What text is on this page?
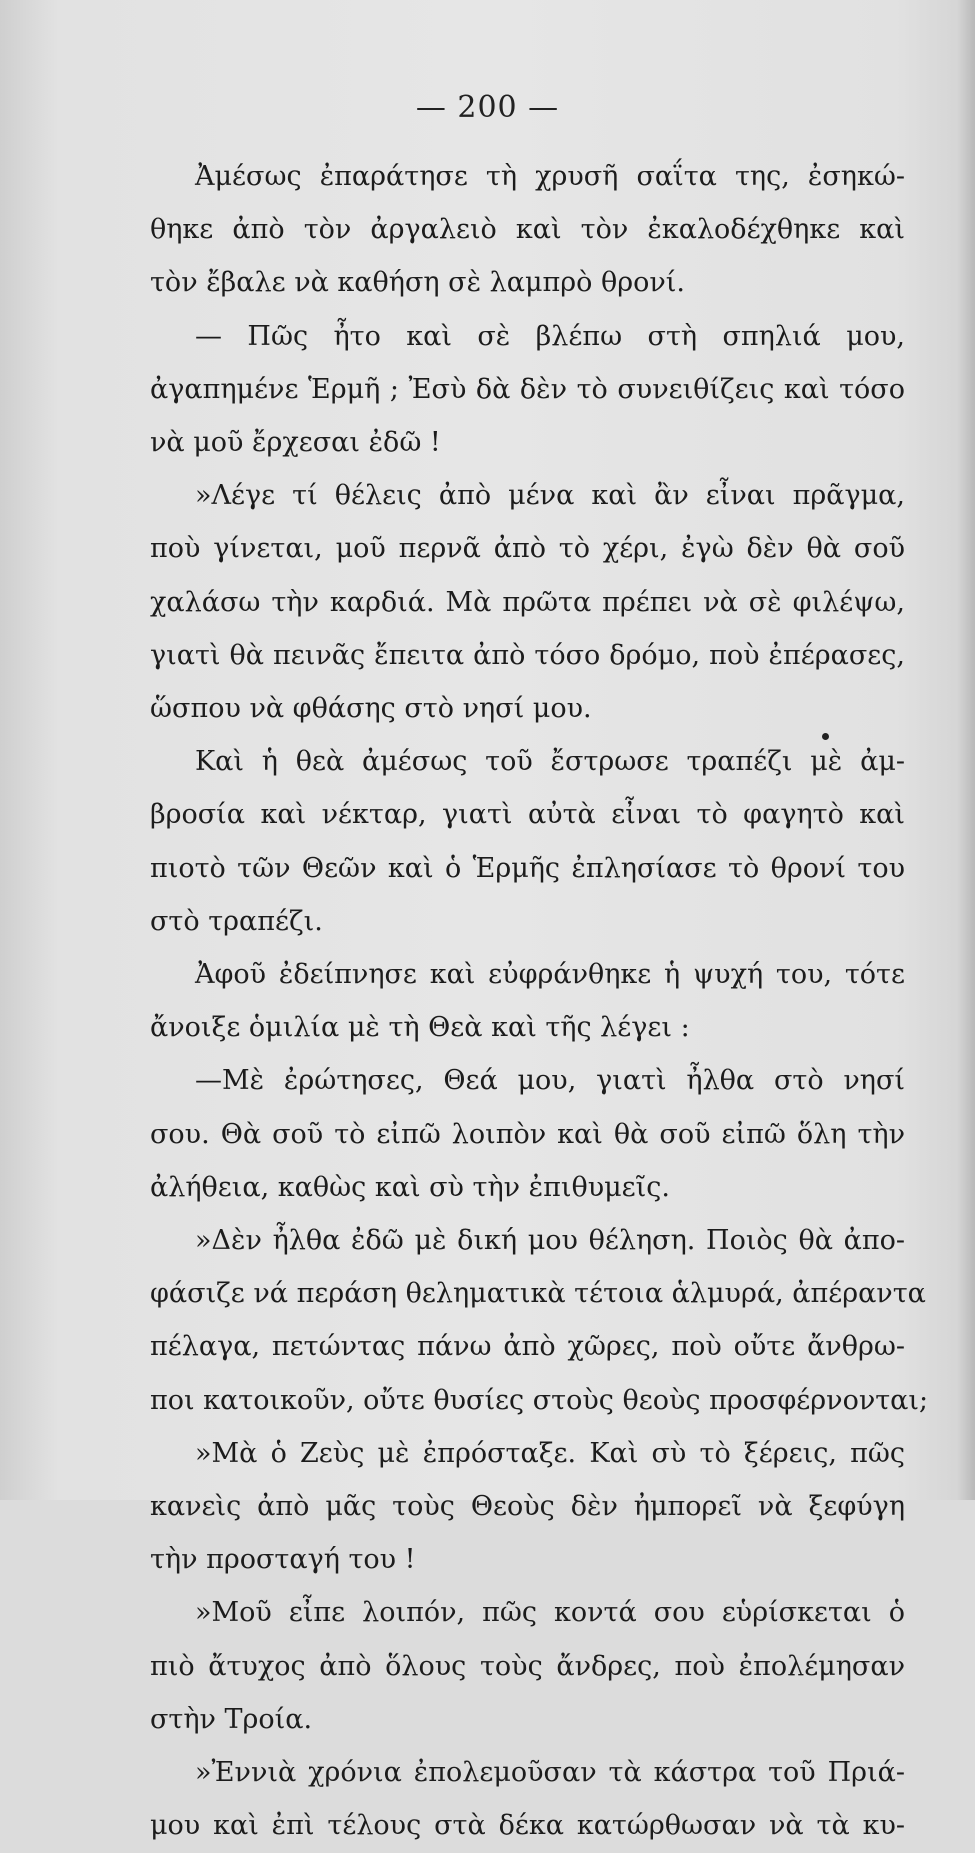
— 200 —
Ἀμέσως ἐπαράτησε τὴ χρυσῆ σαΐτα της, ἐσηκώ-
θηκε ἀπὸ τὸν ἀργαλειὸ καὶ τὸν ἐκαλοδέχθηκε καὶ
τὸν ἔβαλε νὰ καθήση σὲ λαμπρὸ θρονί.
— Πῶς ἦτο καὶ σὲ βλέπω στὴ σπηλιά μου,
ἀγαπημένε Ἑρμῆ ; Ἐσὺ δὰ δὲν τὸ συνειθίζεις καὶ τόσο
νὰ μοῦ ἔρχεσαι ἐδῶ !
»Λέγε τί θέλεις ἀπὸ μένα καὶ ἂν εἶναι πρᾶγμα,
ποὺ γίνεται, μοῦ περνᾶ ἀπὸ τὸ χέρι, ἐγὼ δὲν θὰ σοῦ
χαλάσω τὴν καρδιά. Μὰ πρῶτα πρέπει νὰ σὲ φιλέψω,
γιατὶ θὰ πεινᾶς ἔπειτα ἀπὸ τόσο δρόμο, ποὺ ἐπέρασες,
ὥσπου νὰ φθάσης στὸ νησί μου.
Καὶ ἡ θεὰ ἀμέσως τοῦ ἔστρωσε τραπέζι μὲ ἀμ-
βροσία καὶ νέκταρ, γιατὶ αὐτὰ εἶναι τὸ φαγητὸ καὶ
πιοτὸ τῶν Θεῶν καὶ ὁ Ἑρμῆς ἐπλησίασε τὸ θρονί του
στὸ τραπέζι.
Ἀφοῦ ἐδείπνησε καὶ εὐφράνθηκε ἡ ψυχή του, τότε
ἄνοιξε ὁμιλία μὲ τὴ Θεὰ καὶ τῆς λέγει :
—Μὲ ἐρώτησες, Θεά μου, γιατὶ ἦλθα στὸ νησί
σου. Θὰ σοῦ τὸ εἰπῶ λοιπὸν καὶ θὰ σοῦ εἰπῶ ὅλη τὴν
ἀλήθεια, καθὼς καὶ σὺ τὴν ἐπιθυμεῖς.
»Δὲν ἦλθα ἐδῶ μὲ δική μου θέληση. Ποιὸς θὰ ἀπο-
φάσιζε νά περάση θεληματικὰ τέτοια ἁλμυρά, ἀπέραντα
πέλαγα, πετώντας πάνω ἀπὸ χῶρες, ποὺ οὔτε ἄνθρω-
ποι κατοικοῦν, οὔτε θυσίες στοὺς θεοὺς προσφέρνονται;
»Μὰ ὁ Ζεὺς μὲ ἐπρόσταξε. Καὶ σὺ τὸ ξέρεις, πῶς
κανεὶς ἀπὸ μᾶς τοὺς Θεοὺς δὲν ἠμπορεῖ νὰ ξεφύγη
τὴν προσταγή του !
»Μοῦ εἶπε λοιπόν, πῶς κοντά σου εὑρίσκεται ὁ
πιὸ ἄτυχος ἀπὸ ὅλους τοὺς ἄνδρες, ποὺ ἐπολέμησαν
στὴν Τροία.
»Ἐννιὰ χρόνια ἐπολεμοῦσαν τὰ κάστρα τοῦ Πριά-
μου καὶ ἐπὶ τέλους στὰ δέκα κατώρθωσαν νὰ τὰ κυ-
